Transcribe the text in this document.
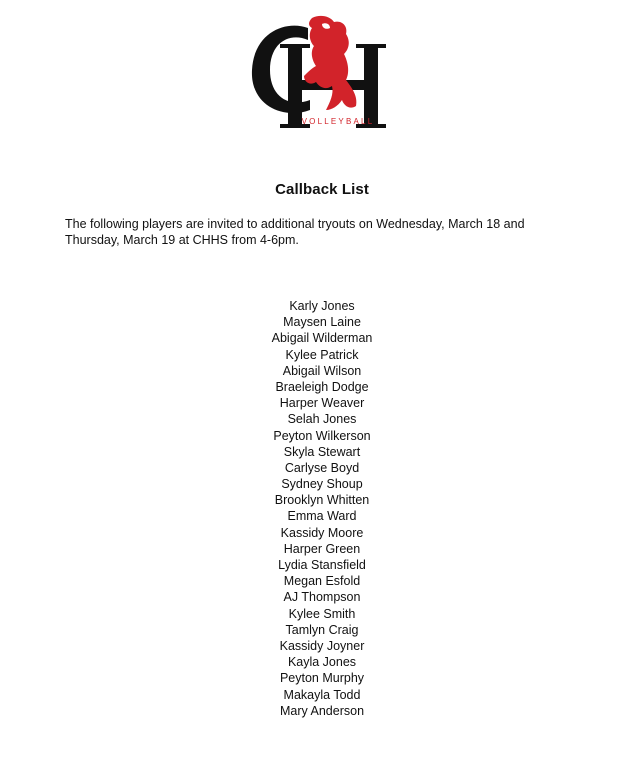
VOLLEYBALL
Callback List
The following players are invited to additional tryouts on Wednesday, March 18 and Thursday, March 19 at CHHS from 4-6pm.
Karly Jones
Maysen Laine
Abigail Wilderman
Kylee Patrick
Abigail Wilson
Braeleigh Dodge
Harper Weaver
Selah Jones
Peyton Wilkerson
Skyla Stewart
Carlyse Boyd
Sydney Shoup
Brooklyn Whitten
Emma Ward
Kassidy Moore
Harper Green
Lydia Stansfield
Megan Esfold
AJ Thompson
Kylee Smith
Tamlyn Craig
Kassidy Joyner
Kayla Jones
Peyton Murphy
Makayla Todd
Mary Anderson
